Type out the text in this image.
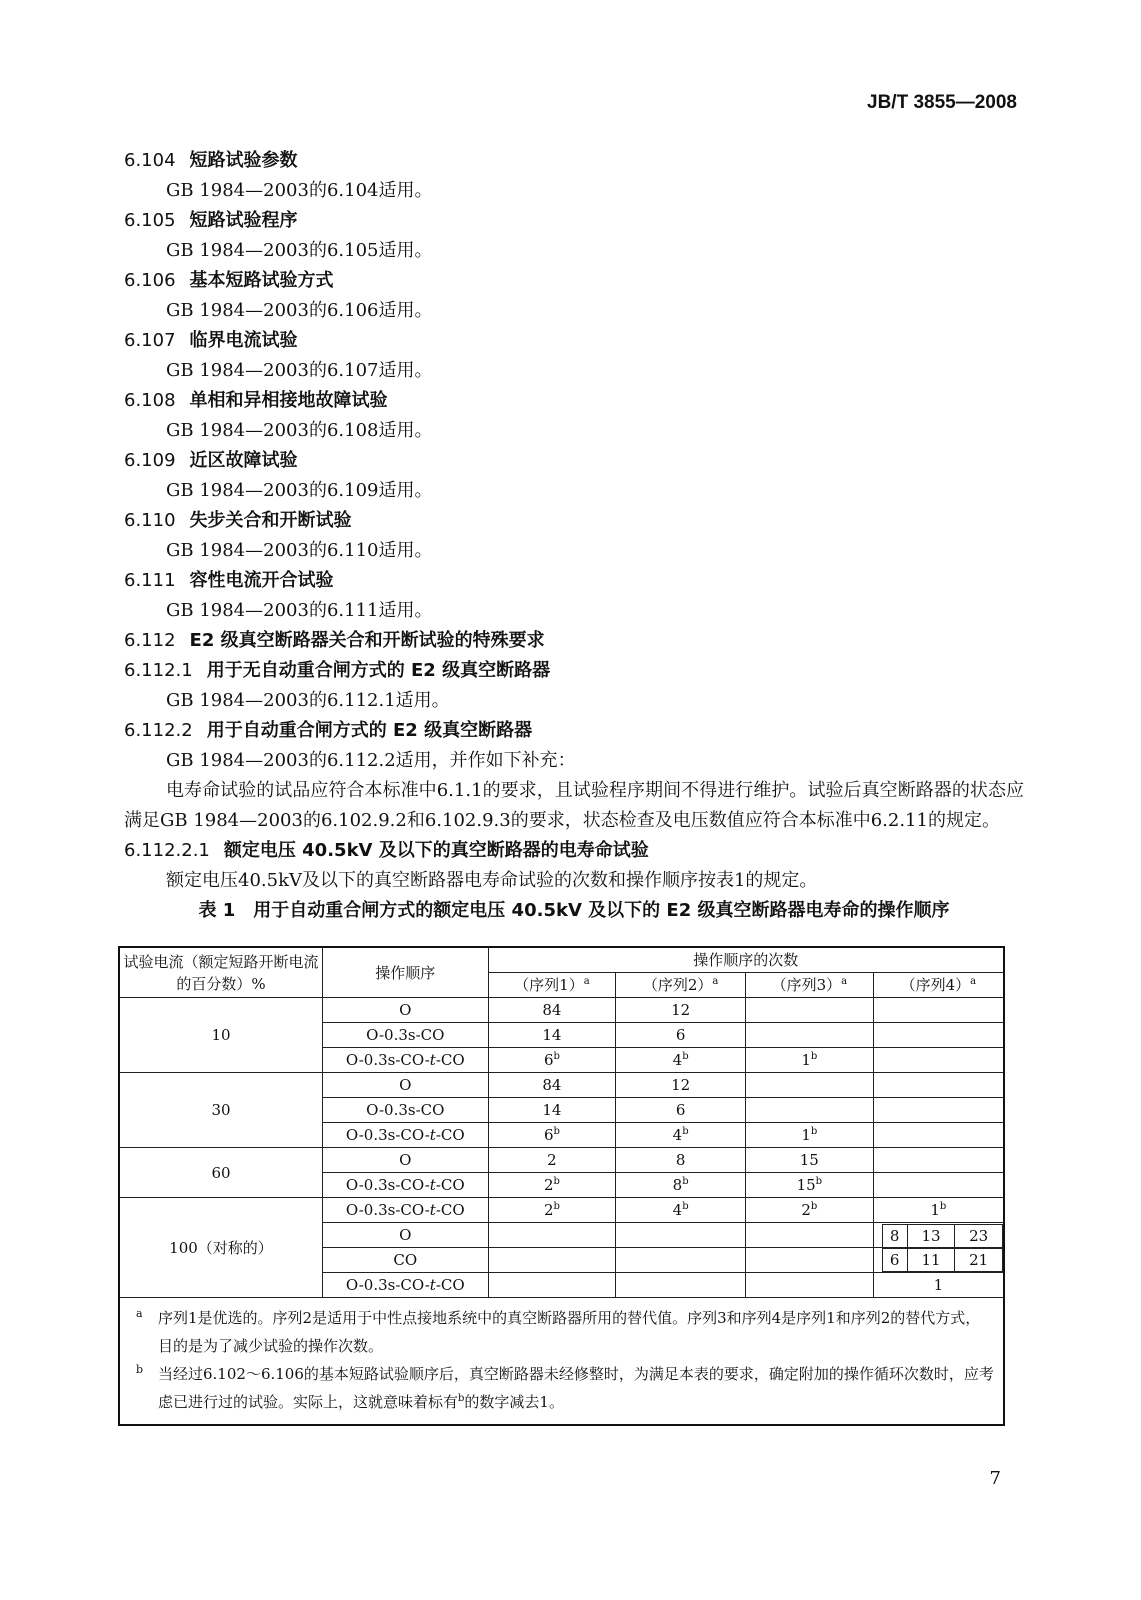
JB/T 3855—2008
6.104 短路试验参数
GB 1984—2003的6.104适用。
6.105 短路试验程序
GB 1984—2003的6.105适用。
6.106 基本短路试验方式
GB 1984—2003的6.106适用。
6.107 临界电流试验
GB 1984—2003的6.107适用。
6.108 单相和异相接地故障试验
GB 1984—2003的6.108适用。
6.109 近区故障试验
GB 1984—2003的6.109适用。
6.110 失步关合和开断试验
GB 1984—2003的6.110适用。
6.111 容性电流开合试验
GB 1984—2003的6.111适用。
6.112 E2 级真空断路器关合和开断试验的特殊要求
6.112.1 用于无自动重合闸方式的 E2 级真空断路器
GB 1984—2003的6.112.1适用。
6.112.2 用于自动重合闸方式的 E2 级真空断路器
GB 1984—2003的6.112.2适用，并作如下补充：
电寿命试验的试品应符合本标准中6.1.1的要求，且试验程序期间不得进行维护。试验后真空断路器的状态应满足GB 1984—2003的6.102.9.2和6.102.9.3的要求，状态检查及电压数值应符合本标准中6.2.11的规定。
6.112.2.1 额定电压 40.5kV 及以下的真空断路器的电寿命试验
额定电压40.5kV及以下的真空断路器电寿命试验的次数和操作顺序按表1的规定。
表 1　用于自动重合闸方式的额定电压 40.5kV 及以下的 E2 级真空断路器电寿命的操作顺序
试验电流（额定短路开断电流的百分数）%	操作顺序	操作顺序的次数
（序列1）$^a$	（序列2）$^a$	（序列3）$^a$	（序列4）$^a$
10	O	84	12		
O-0.3s-CO	14	6		
O-0.3s-CO-t-CO	6$^b$	4$^b$	1$^b$	
30	O	84	12		
O-0.3s-CO	14	6		
O-0.3s-CO-t-CO	6$^b$	4$^b$	1$^b$	
60	O	2	8	15	
O-0.3s-CO-t-CO	2$^b$	8$^b$	15$^b$	
100（对称的）	O-0.3s-CO-t-CO	2$^b$	4$^b$	2$^b$	1$^b$
O					8	13	23

CO					6	11	21

O-0.3s-CO-t-CO				1

a 序列1是优选的。序列2是适用于中性点接地系统中的真空断路器所用的替代值。序列3和序列4是序列1和序列2的替代方式，目的是为了减少试验的操作次数。
b 当经过6.102～6.106的基本短路试验顺序后，真空断路器未经修整时，为满足本表的要求，确定附加的操作循环次数时，应考虑已进行过的试验。实际上，这就意味着标有$^b$的数字减去1。
7
